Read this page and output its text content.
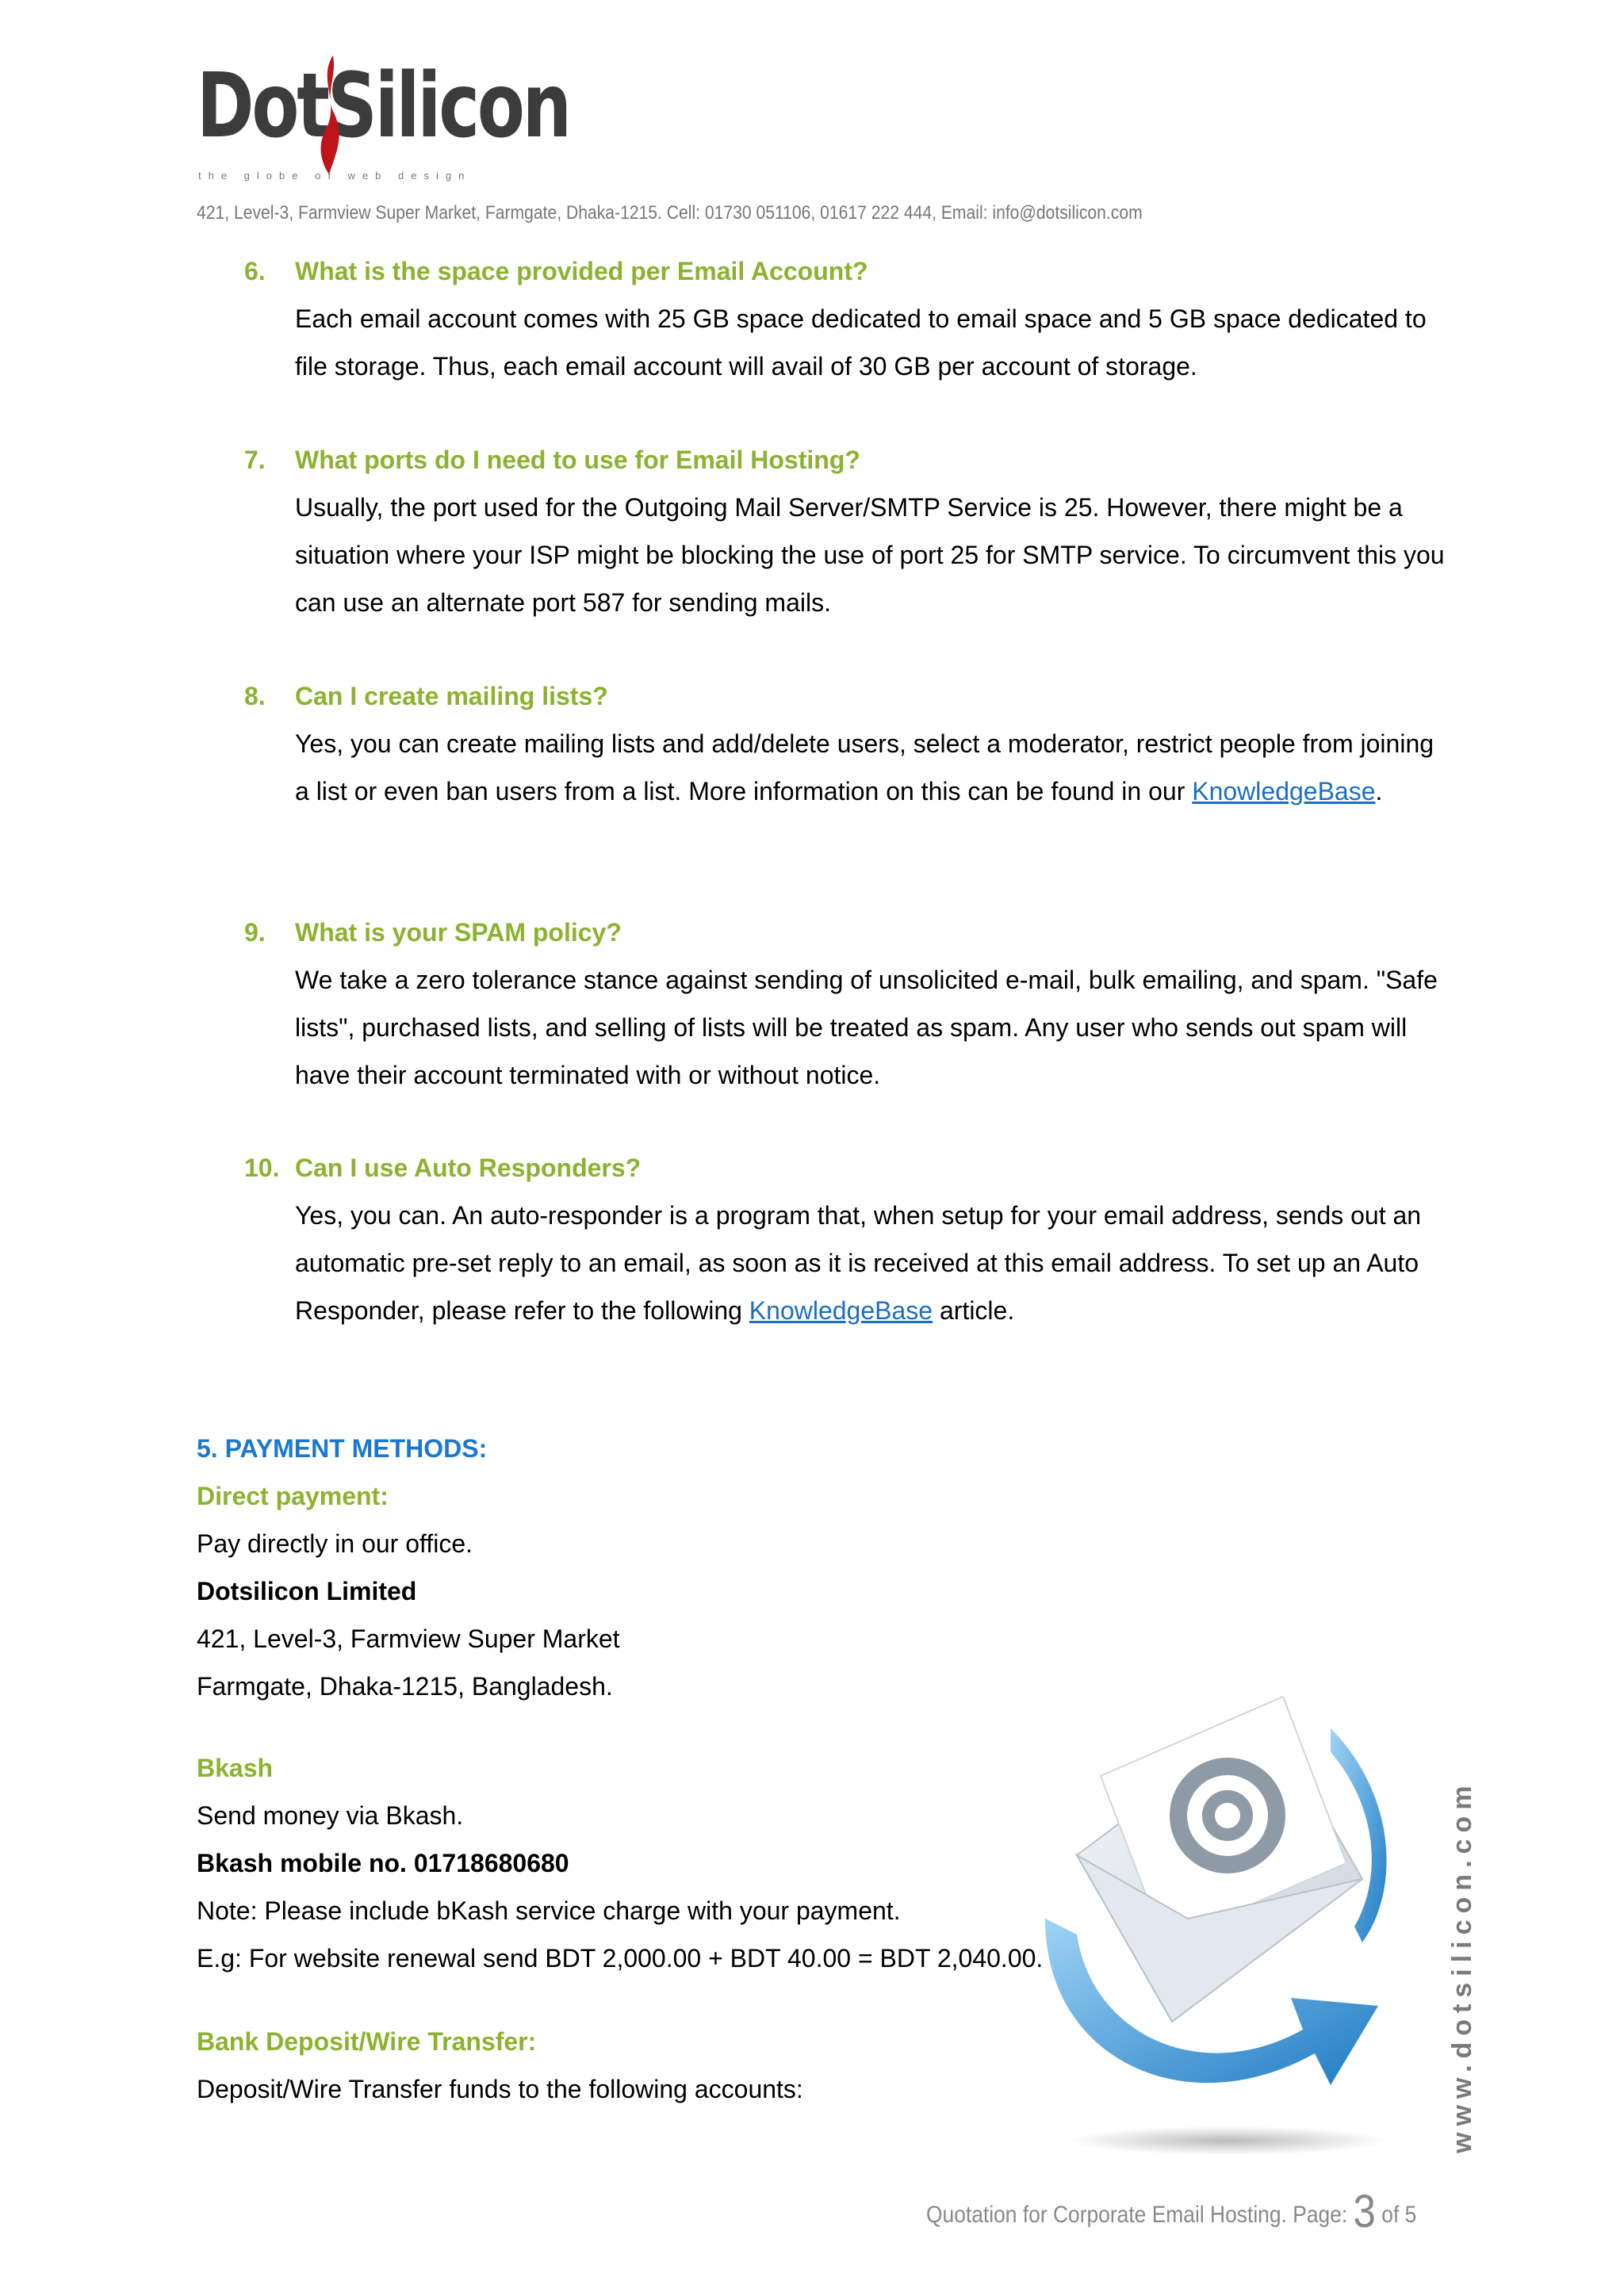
DotSilicon
the globe of web design
421, Level-3, Farmview Super Market, Farmgate, Dhaka-1215. Cell: 01730 051106, 01617 222 444, Email: info@dotsilicon.com
6. What is the space provided per Email Account?
Each email account comes with 25 GB space dedicated to email space and 5 GB space dedicated to file storage. Thus, each email account will avail of 30 GB per account of storage.
7. What ports do I need to use for Email Hosting?
Usually, the port used for the Outgoing Mail Server/SMTP Service is 25. However, there might be a situation where your ISP might be blocking the use of port 25 for SMTP service. To circumvent this you can use an alternate port 587 for sending mails.
8. Can I create mailing lists?
Yes, you can create mailing lists and add/delete users, select a moderator, restrict people from joining a list or even ban users from a list. More information on this can be found in our KnowledgeBase.
9. What is your SPAM policy?
We take a zero tolerance stance against sending of unsolicited e-mail, bulk emailing, and spam. "Safe lists", purchased lists, and selling of lists will be treated as spam. Any user who sends out spam will have their account terminated with or without notice.
10. Can I use Auto Responders?
Yes, you can. An auto-responder is a program that, when setup for your email address, sends out an automatic pre-set reply to an email, as soon as it is received at this email address. To set up an Auto Responder, please refer to the following KnowledgeBase article.
5. PAYMENT METHODS:
Direct payment:
Pay directly in our office.
Dotsilicon Limited
421, Level-3, Farmview Super Market
Farmgate, Dhaka-1215, Bangladesh.
Bkash
Send money via Bkash.
Bkash mobile no. 01718680680
Note: Please include bKash service charge with your payment.
E.g: For website renewal send BDT 2,000.00 + BDT 40.00 = BDT 2,040.00.
Bank Deposit/Wire Transfer:
Deposit/Wire Transfer funds to the following accounts:	www.dotsilicon.com
Quotation for Corporate Email Hosting. Page: 3 of 5
